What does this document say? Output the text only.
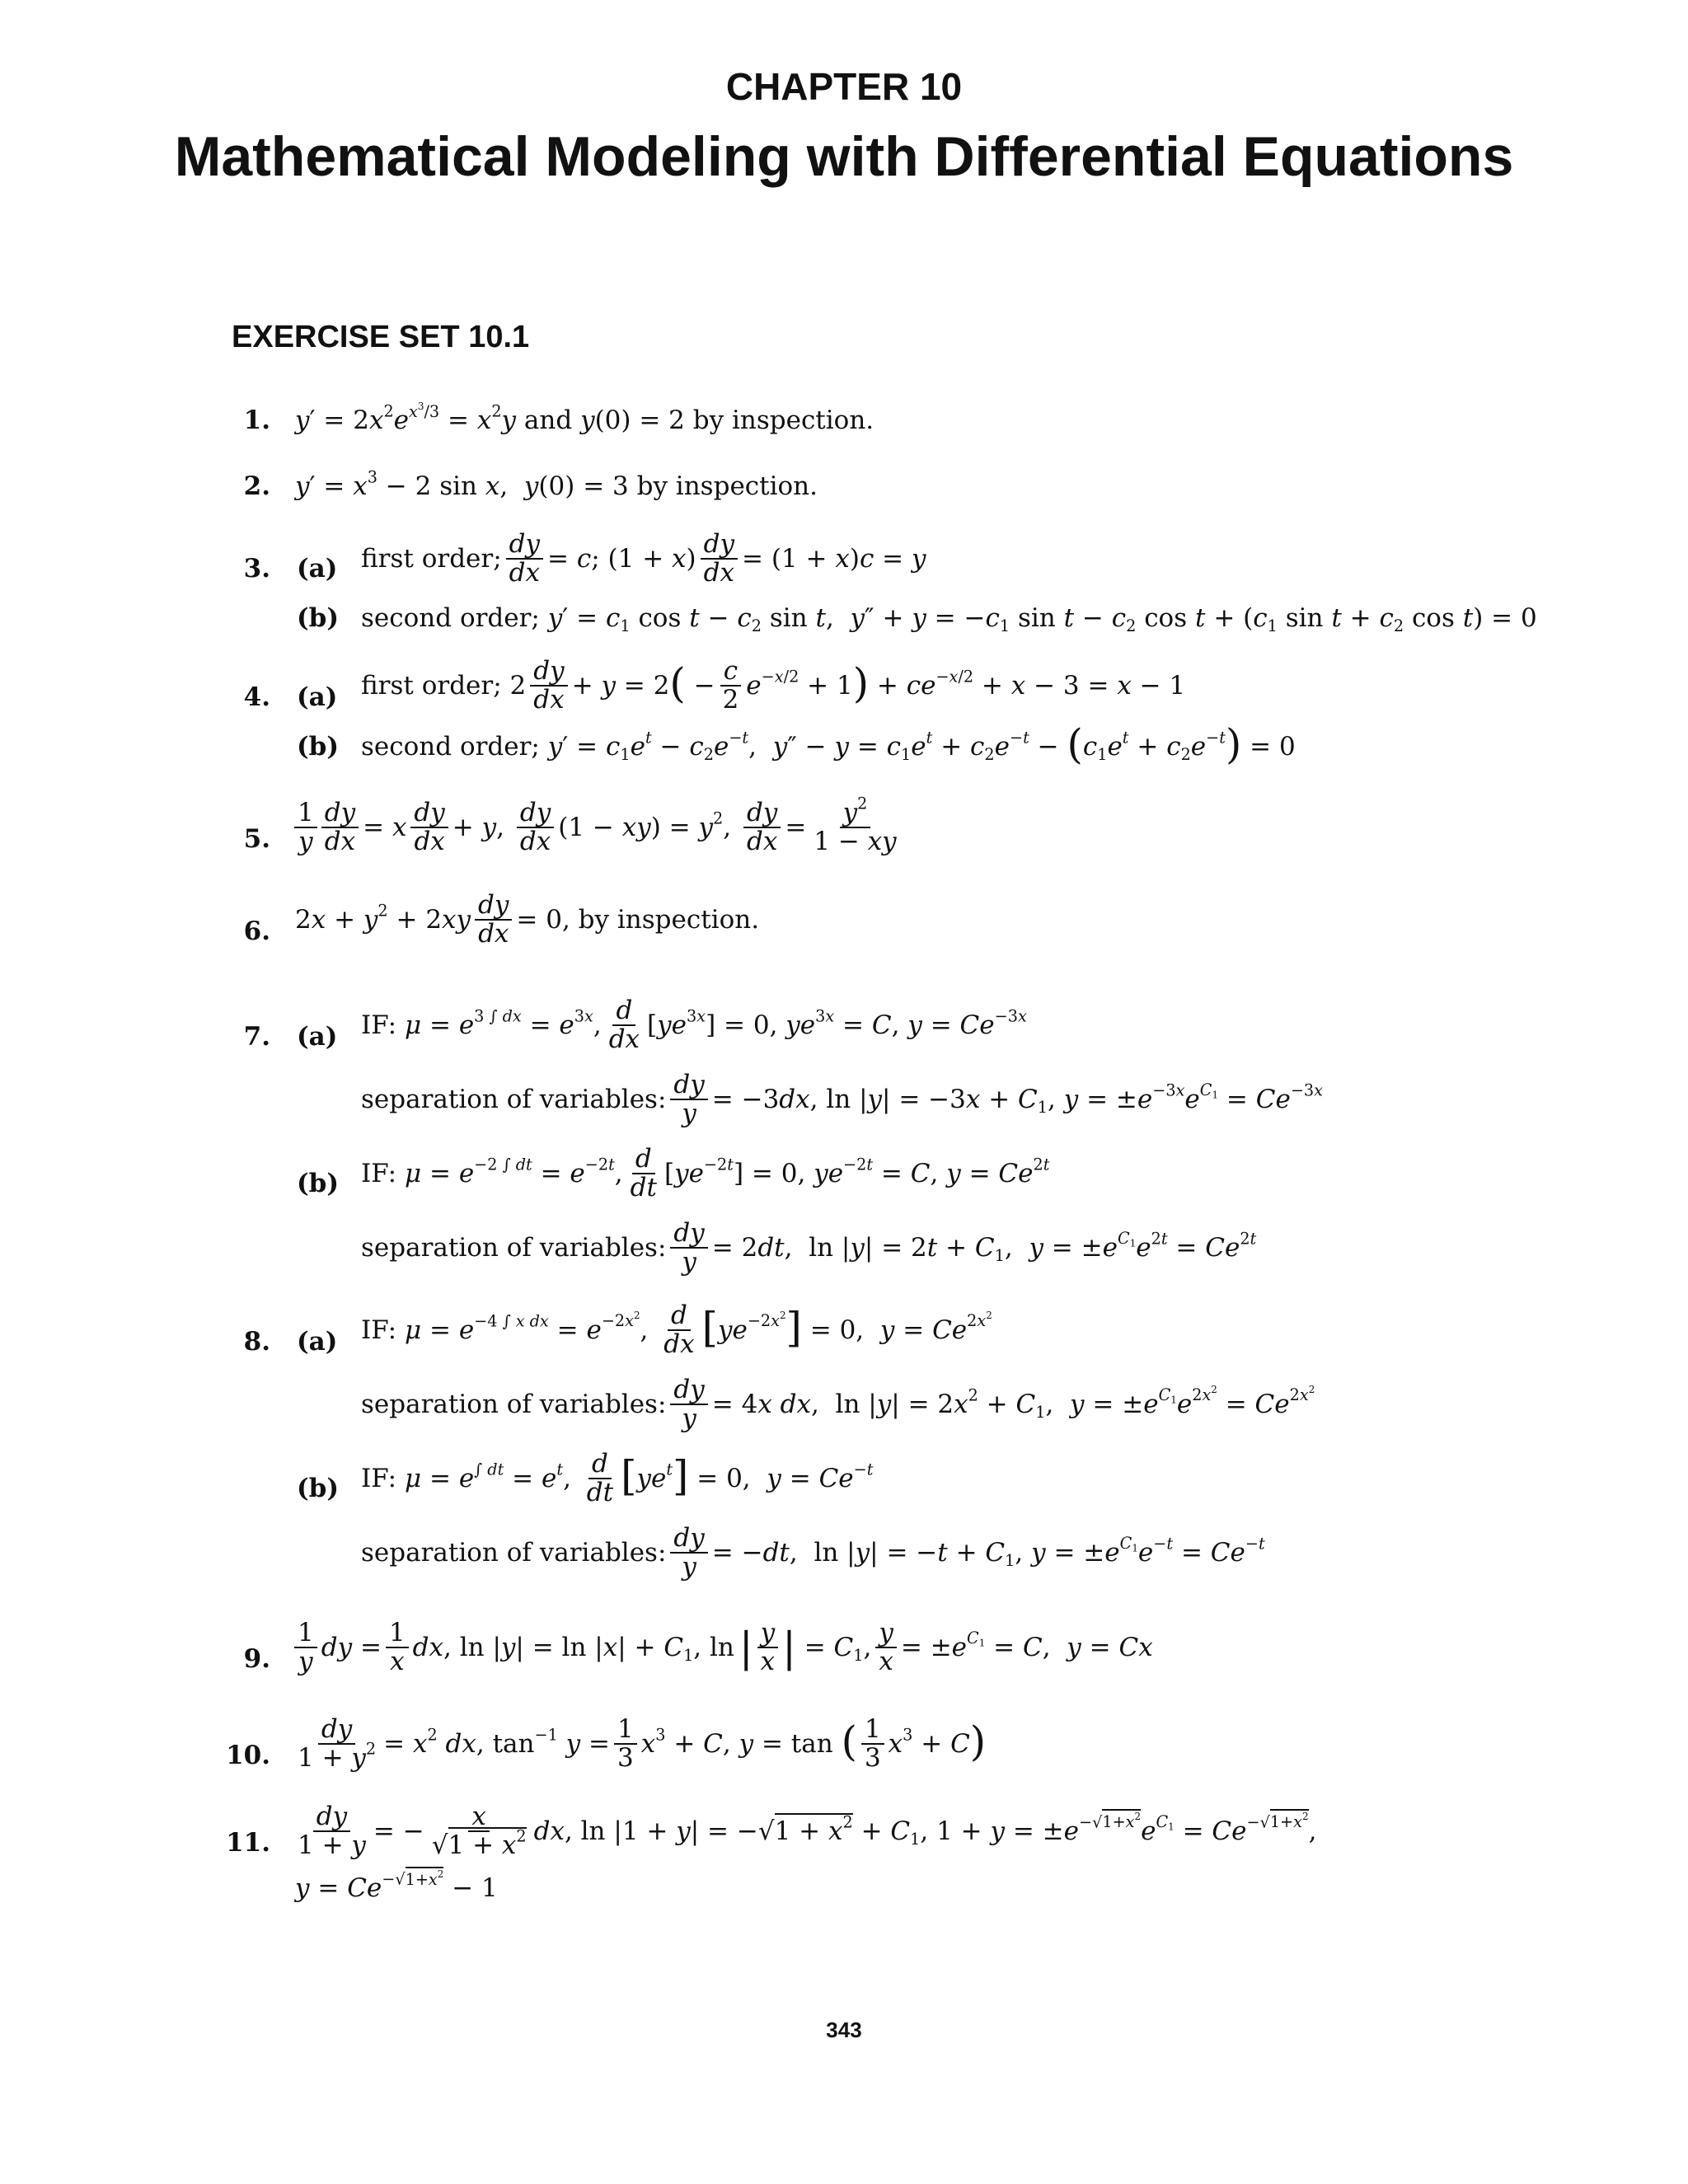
CHAPTER 10
Mathematical Modeling with Differential Equations
EXERCISE SET 10.1
1. $y' = 2x^2e^{x^3/3} = x^2y$ and y(0) = 2 by inspection.
2. $y' = x^3 - 2$ sin x,  y(0) = 3 by inspection.
3. (a) first order; $\frac{dy}{dx} = c$; $(1 + x) \frac{dy}{dx} = (1 + x)c = y$
(b) second order; $y' = c_1$ $\cos t - c_2$ sin t,  $y'' + y = -c_1$ $\sin t - c_2$ $\cos t + (c_1$ $\sin t + c_2$ cos t) = 0
4. (a) first order; $2 \frac{dy}{dx} + y = 2( - \frac{c}{2} e^{-x/2} + 1) + ce^{-x/2} + x - 3 = x - 1$
(b) second order; $y' = c_1e^t - c_2e^{-t}$,  $y'' - y = c_1e^t + c_2e^{-t} - (c_1e^t + c_2e^{-t}) = 0$
5. $\frac{1}{y} \frac{dy}{dx} = x \frac{dy}{dx} + y$, $\frac{dy}{dx} (1 - xy) = y^2$, $\frac{dy}{dx} = \frac{y^2}{1 - xy}$
6. $2x + y^2 + 2xy \frac{dy}{dx} = 0$, by inspection.
7. (a) IF: $\mu = e^{3 \int dx} = e^{3x}$, $\frac{d}{dx} [ye^{3x}] = 0$, $ye^{3x} = C$, $y = Ce^{-3x}$
separation of variables: $\frac{dy}{y} = -3dx$, $\ln |y| = -3x + C_1$, $y = \pm e^{-3x}e^{C_1} = Ce^{-3x}$
(b) IF: $\mu = e^{-2 \int dt} = e^{-2t}$, $\frac{d}{dt} [ye^{-2t}] = 0$, $ye^{-2t} = C$, $y = Ce^{2t}$
separation of variables: $\frac{dy}{y} = 2dt$,  $\ln |y| = 2t + C_1$,  $y = \pm e^{C_1}e^{2t} = Ce^{2t}$
8. (a) IF: $\mu = e^{-4 \int x dx} = e^{-2x^2}$, $\frac{d}{dx} [ye^{-2x^2}] = 0$,  $y = Ce^{2x^2}$
separation of variables: $\frac{dy}{y} = 4x$ dx,  $\ln |y| = 2x^2 + C_1$,  $y = \pm e^{C_1}e^{2x^2} = Ce^{2x^2}$
(b) IF: $\mu = e^{\int dt} = e^t$, $\frac{d}{dt} [ye^t] = 0$,  $y = Ce^{-t}$
separation of variables: $\frac{dy}{y} = -dt$,  $\ln |y| = -t + C_1$, $y = \pm e^{C_1}e^{-t} = Ce^{-t}$
9. $\frac{1}{y}$ dy = $\frac{1}{x}$ dx, $\ln |y| = \ln |x| + C_1$, ln | $\frac{y}{x}$ | = $C_1$, $\frac{y}{x} = \pm e^{C_1} = C$,  y = Cx
10. $\frac{dy}{1 + y^2} = x^2$ dx, $\tan^{-1} y = \frac{1}{3} x^3 + C$, y = tan ( $\frac{1}{3} x^3 + C$)
11. $\frac{dy}{1 + y}$ = − $\frac{x}{√1 + x^2}$ dx, $\ln |1 + y| = -√1 + x^2 + C_1$, $1 + y = \pm e^{-√1+x^2}e^{C_1} = Ce^{-√1+x^2}$,
$y = Ce^{-√1+x^2} - 1$
343
